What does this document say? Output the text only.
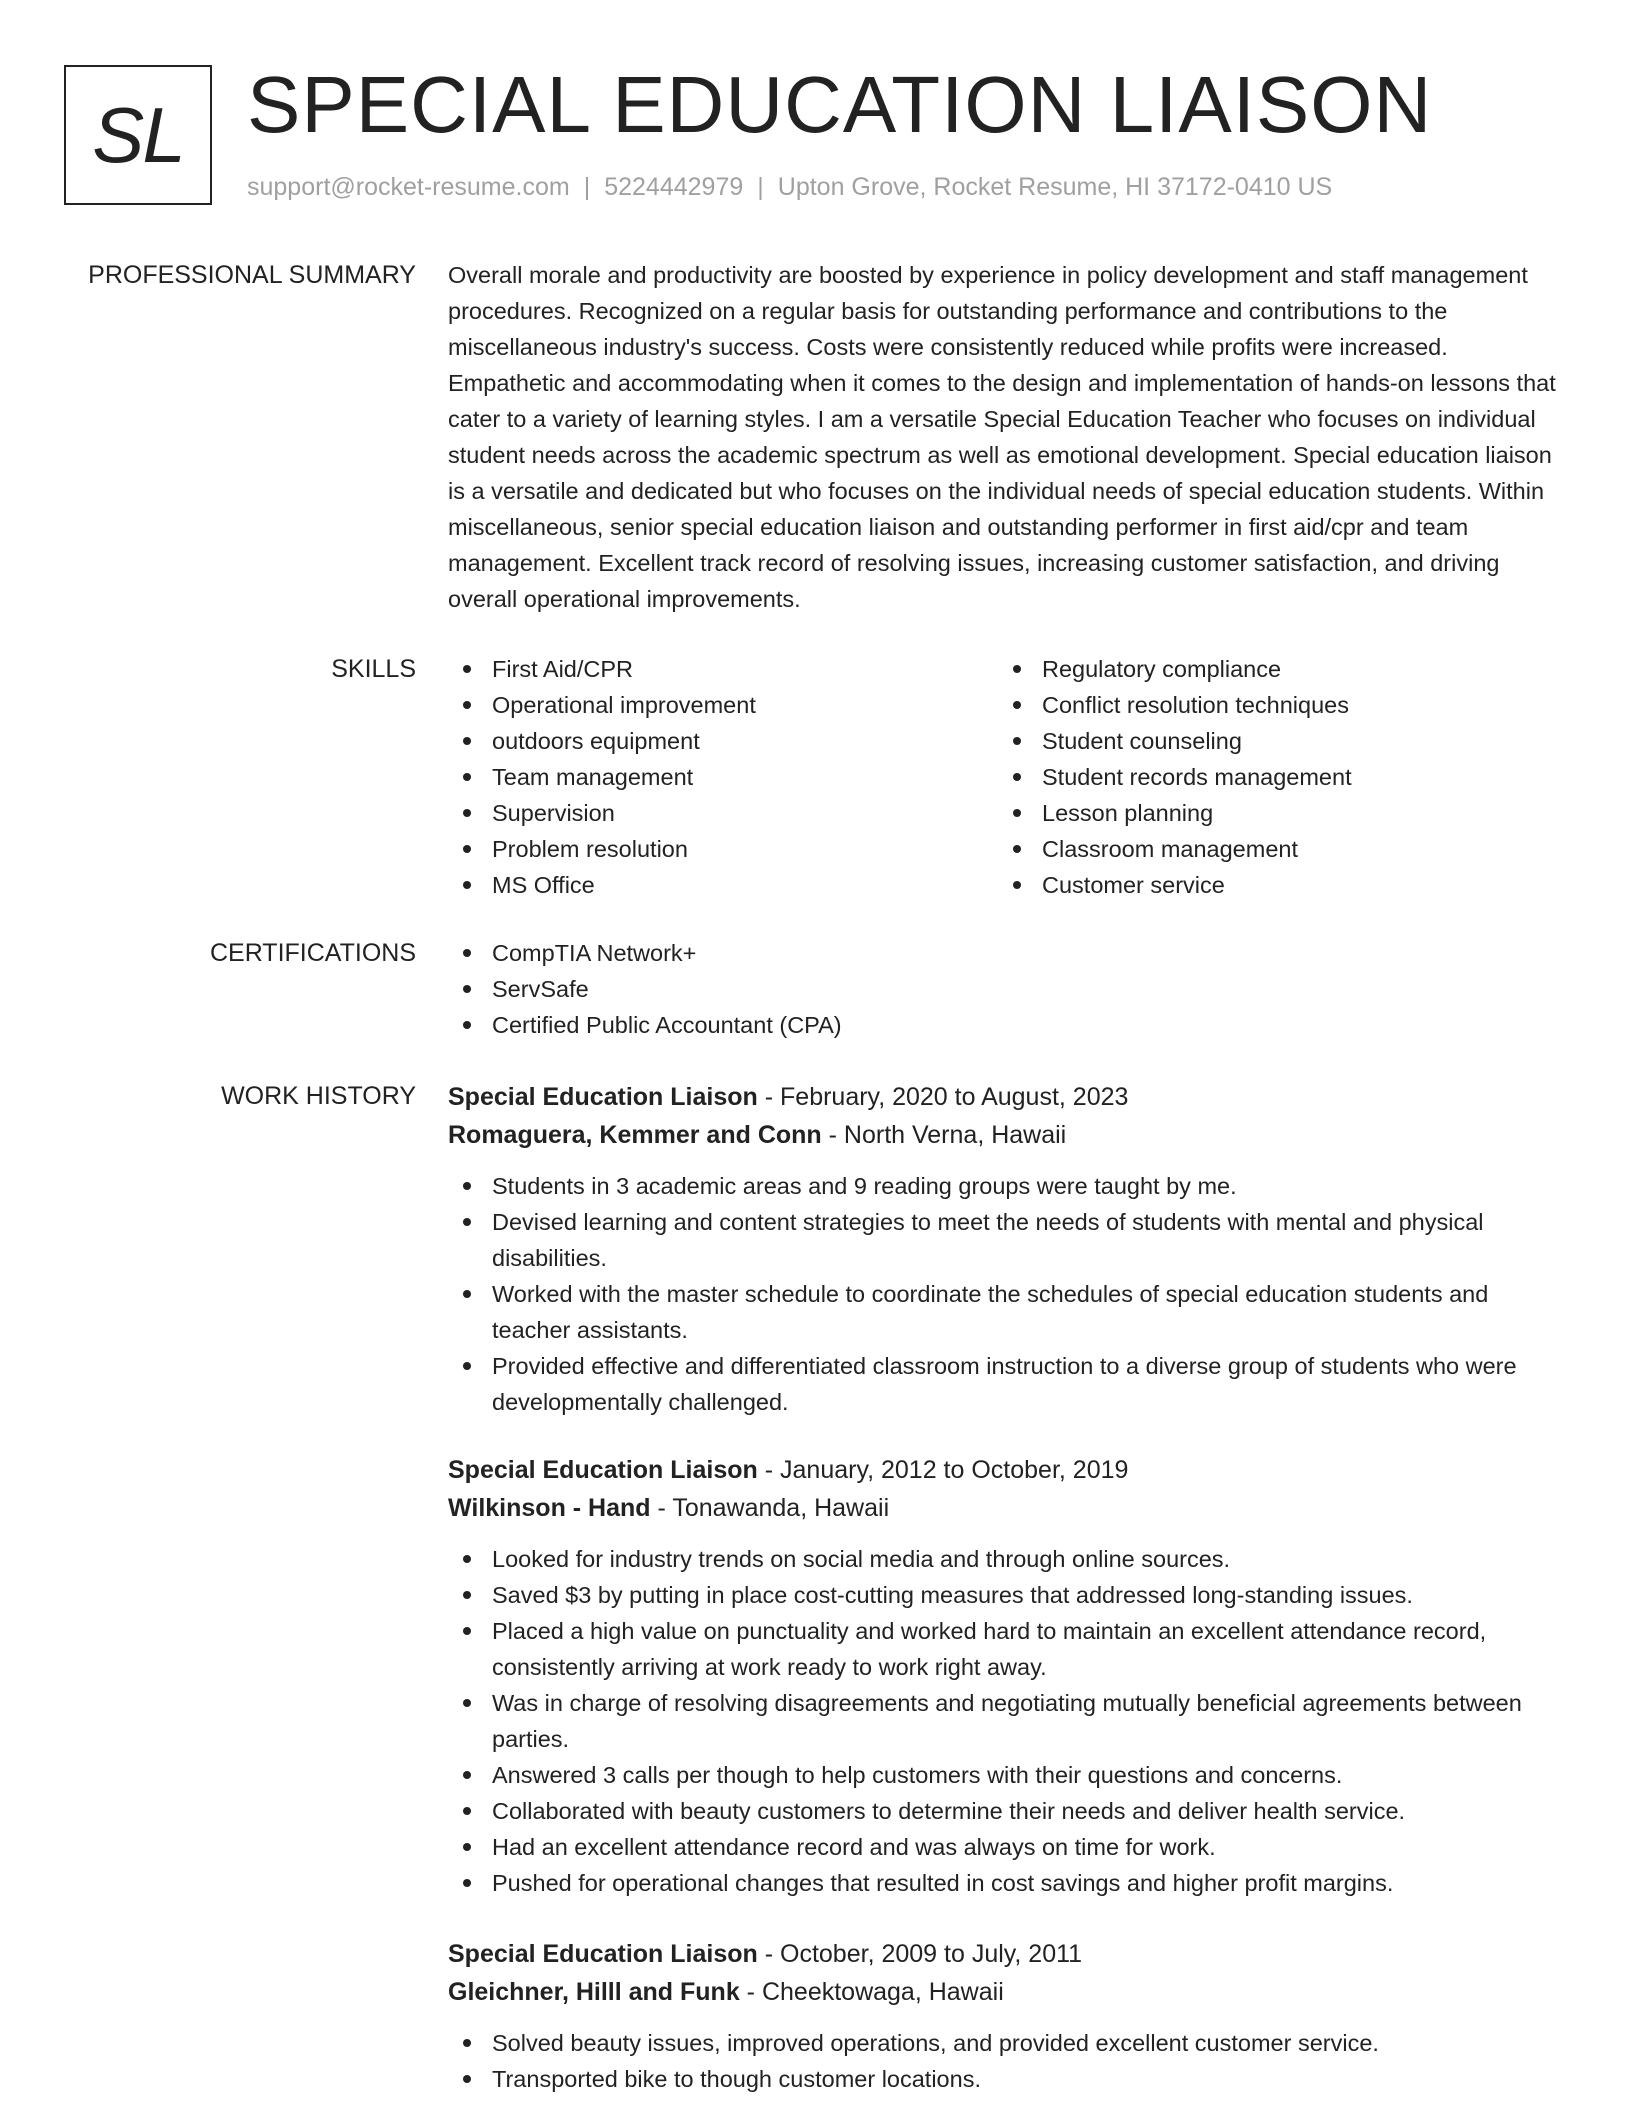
SL SPECIAL EDUCATION LIAISON
support@rocket-resume.com | 5224442979 | Upton Grove, Rocket Resume, HI 37172-0410 US
PROFESSIONAL SUMMARY Overall morale and productivity are boosted by experience in policy development and staff management procedures. Recognized on a regular basis for outstanding performance and contributions to the miscellaneous industry's success. Costs were consistently reduced while profits were increased. Empathetic and accommodating when it comes to the design and implementation of hands-on lessons that cater to a variety of learning styles. I am a versatile Special Education Teacher who focuses on individual student needs across the academic spectrum as well as emotional development. Special education liaison is a versatile and dedicated but who focuses on the individual needs of special education students. Within miscellaneous, senior special education liaison and outstanding performer in first aid/cpr and team management. Excellent track record of resolving issues, increasing customer satisfaction, and driving overall operational improvements.

SKILLS	First Aid/CPR
Operational improvement
outdoors equipment
Team management
Supervision
Problem resolution
MS Office
Regulatory compliance
Conflict resolution techniques
Student counseling
Student records management
Lesson planning
Classroom management
Customer service
CERTIFICATIONS	CompTIA Network+
ServSafe
Certified Public Accountant (CPA)
WORK HISTORY Special Education Liaison - February, 2020 to August, 2023
Romaguera, Kemmer and Conn - North Verna, Hawaii
Students in 3 academic areas and 9 reading groups were taught by me.
Devised learning and content strategies to meet the needs of students with mental and physical disabilities.
Worked with the master schedule to coordinate the schedules of special education students and teacher assistants.
Provided effective and differentiated classroom instruction to a diverse group of students who were developmentally challenged.
Special Education Liaison - January, 2012 to October, 2019
Wilkinson - Hand - Tonawanda, Hawaii
Looked for industry trends on social media and through online sources.
Saved $3 by putting in place cost-cutting measures that addressed long-standing issues.
Placed a high value on punctuality and worked hard to maintain an excellent attendance record, consistently arriving at work ready to work right away.
Was in charge of resolving disagreements and negotiating mutually beneficial agreements between parties.
Answered 3 calls per though to help customers with their questions and concerns.
Collaborated with beauty customers to determine their needs and deliver health service.
Had an excellent attendance record and was always on time for work.
Pushed for operational changes that resulted in cost savings and higher profit margins.
Special Education Liaison - October, 2009 to July, 2011
Gleichner, Hilll and Funk - Cheektowaga, Hawaii
Solved beauty issues, improved operations, and provided excellent customer service.
Transported bike to though customer locations.
